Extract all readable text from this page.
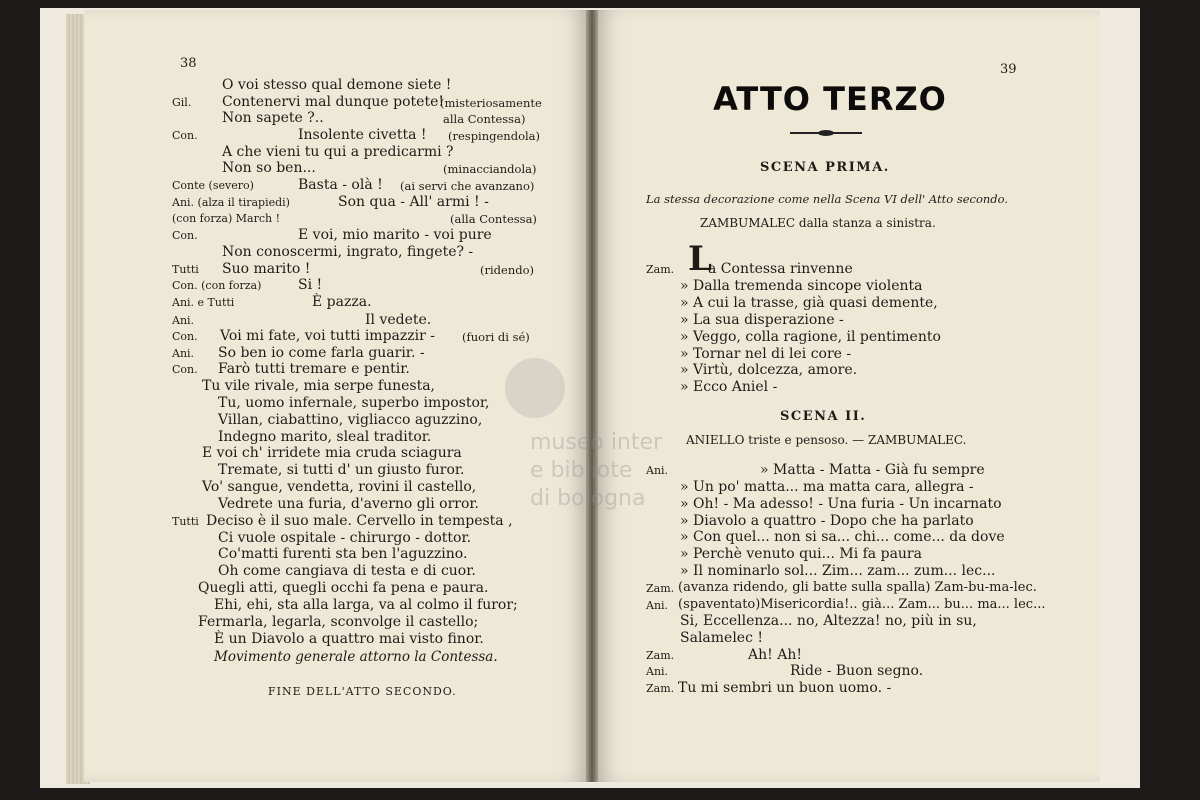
museo inter
e bibliote
di bologna
38
O voi stesso qual demone siete !
Gil. Contenervi mal dunque potete!
(misteriosamente
Non sapete ?..	alla Contessa)
Con.	Insolente civetta ! (respingendola)
A che vieni tu qui a predicarmi ?
Non so ben...	(minacciandola)
Conte (severo)	Basta - olà ! (ai servi che avanzano)
Ani. (alza il tirapiedi)	Son qua - All' armi ! -
(con forza) March !	(alla Contessa)
Con.	E voi, mio marito - voi pure
Non conoscermi, ingrato, fingete? -
Tutti Suo marito !	(ridendo)
Con. (con forza)	Si !
Ani. e Tutti	È pazza.
Ani.	Il vedete.
Con. Voi mi fate, voi tutti impazzir - (fuori di sé)
Ani. So ben io come farla guarir. -
Con. Farò tutti tremare e pentir.
Tu vile rivale, mia serpe funesta,
Tu, uomo infernale, superbo impostor,
Villan, ciabattino, vigliacco aguzzino,
Indegno marito, sleal traditor.
E voi ch' irridete mia cruda sciagura
Tremate, si tutti d' un giusto furor.
Vo' sangue, vendetta, rovini il castello,
Vedrete una furia, d'averno gli orror.
Tutti Deciso è il suo male. Cervello in tempesta ,
Ci vuole ospitale - chirurgo - dottor.
Co'matti furenti sta ben l'aguzzino.
Oh come cangiava di testa e di cuor.
Quegli atti, quegli occhi fa pena e paura.
Ehi, ehi, sta alla larga, va al colmo il furor;
Fermarla, legarla, sconvolge il castello;
È un Diavolo a quattro mai visto finor.
Movimento generale attorno la Contessa.
FINE DELL'ATTO SECONDO.
39
ATTO TERZO
SCENA PRIMA.
La stessa decorazione come nella Scena VI dell' Atto secondo.
ZAMBUMALEC dalla stanza a sinistra.
Zam. L
a Contessa rinvenne
» Dalla tremenda sincope violenta
» A cui la trasse, già quasi demente,
» La sua disperazione -
» Veggo, colla ragione, il pentimento
» Tornar nel di lei core -
» Virtù, dolcezza, amore.
» Ecco Aniel -
SCENA II.
ANIELLO triste e pensoso. — ZAMBUMALEC.
Ani.	» Matta - Matta - Già fu sempre
» Un po' matta... ma matta cara, allegra -
» Oh! - Ma adesso! - Una furia - Un incarnato
» Diavolo a quattro - Dopo che ha parlato
» Con quel... non si sa... chi... come... da dove
» Perchè venuto qui... Mi fa paura
» Il nominarlo sol... Zim... zam... zum... lec...
Zam. (avanza ridendo, gli batte sulla spalla) Zam-bu-ma-lec.
Ani. (spaventato)Misericordia!.. già... Zam... bu... ma... lec...
Si, Eccellenza... no, Altezza! no, più in su,
Salamelec !
Zam.	Ah! Ah!
Ani.	Ride - Buon segno.
Zam. Tu mi sembri un buon uomo. -
